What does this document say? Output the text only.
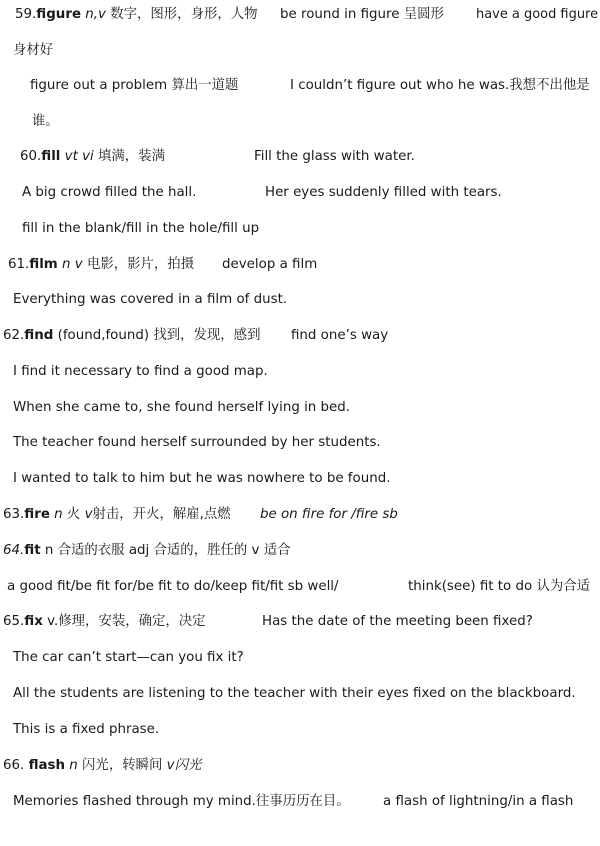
59.figure n,v 数字，图形，身形，人物 be round in figure 呈圆形 have a good figure
身材好
figure out a problem 算出一道题	I couldn’t figure out who he was.我想不出他是
谁。
60.fill vt vi 填满，装满	Fill the glass with water.
A big crowd filled the hall.	Her eyes suddenly filled with tears.
fill in the blank/fill in the hole/fill up
61.film n v 电影，影片，拍摄 develop a film
Everything was covered in a film of dust.
62.find (found,found) 找到，发现，感到 find one’s way
I find it necessary to find a good map.
When she came to, she found herself lying in bed.
The teacher found herself surrounded by her students.
I wanted to talk to him but he was nowhere to be found.
63.fire n 火 v射击，开火，解雇,点燃 be on fire for /fire sb
64.fit n 合适的衣服 adj 合适的，胜任的 v 适合
a good fit/be fit for/be fit to do/keep fit/fit sb well/	think(see) fit to do 认为合适
65.fix v.修理，安装，确定，决定	Has the date of the meeting been fixed?
The car can’t start—can you fix it?
All the students are listening to the teacher with their eyes fixed on the blackboard.
This is a fixed phrase.
66. flash n 闪光，转瞬间 v闪光
Memories flashed through my mind.往事历历在目。 a flash of lightning/in a flash
